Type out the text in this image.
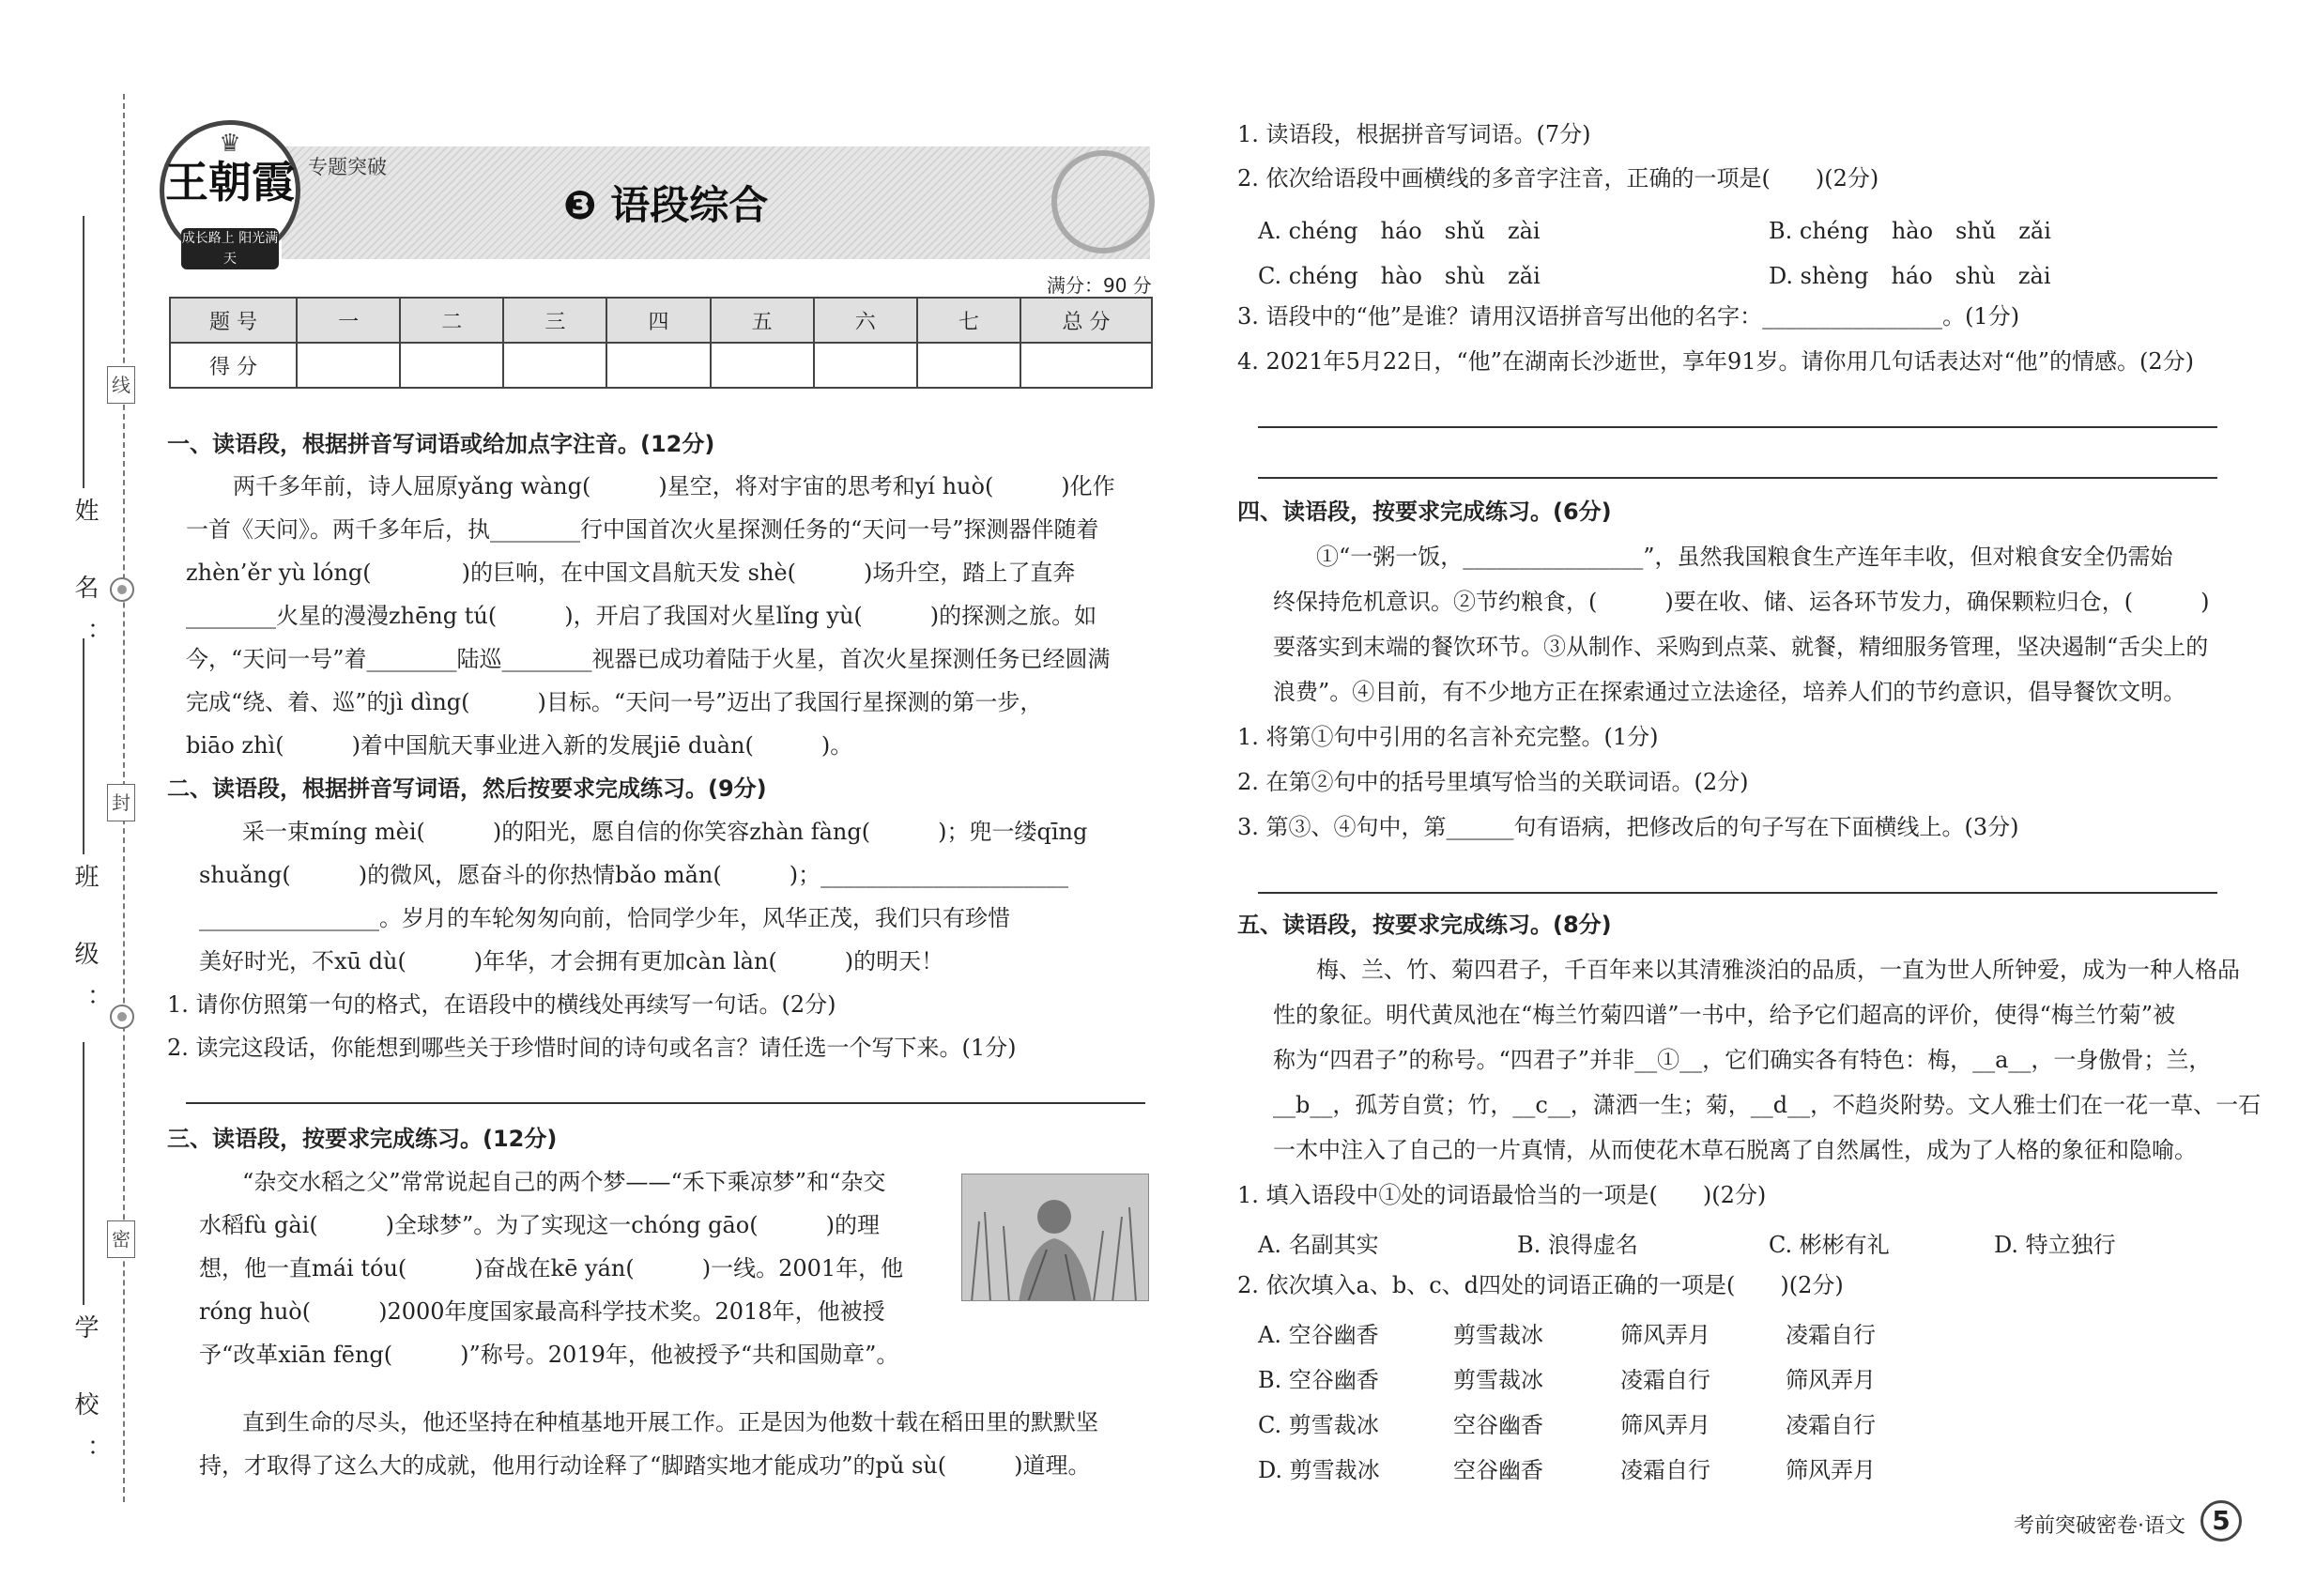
姓 名：
班 级：
学 校：
线
封
密
♛
王朝霞
成长路上 阳光满天
专题突破
❸ 语段综合
满分：90 分
题 号	一	二	三	四	五	六	七	总 分
得 分								
一、读语段，根据拼音写词语或给加点字注音。(12分)
两千多年前，诗人屈原yǎng wàng(　　　)星空，将对宇宙的思考和yí huò(　　　)化作
一首《天问》。两千多年后，执________行中国首次火星探测任务的“天问一号”探测器伴随着
zhèn’ěr yù lóng(　　　　)的巨响，在中国文昌航天发 shè(　　　)场升空，踏上了直奔
________火星的漫漫zhēng tú(　　　)，开启了我国对火星lǐng yù(　　　)的探测之旅。如
今，“天问一号”着________陆巡________视器已成功着陆于火星，首次火星探测任务已经圆满
完成“绕、着、巡”的jì dìng(　　　)目标。“天问一号”迈出了我国行星探测的第一步，
biāo zhì(　　　)着中国航天事业进入新的发展jiē duàn(　　　)。
二、读语段，根据拼音写词语，然后按要求完成练习。(9分)
采一束míng mèi(　　　)的阳光，愿自信的你笑容zhàn fàng(　　　)；兜一缕qīng
shuǎng(　　　)的微风，愿奋斗的你热情bǎo mǎn(　　　)；______________________
________________。岁月的车轮匆匆向前，恰同学少年，风华正茂，我们只有珍惜
美好时光，不xū dù(　　　)年华，才会拥有更加càn làn(　　　)的明天！
1. 请你仿照第一句的格式，在语段中的横线处再续写一句话。(2分)
2. 读完这段话，你能想到哪些关于珍惜时间的诗句或名言？请任选一个写下来。(1分)
三、读语段，按要求完成练习。(12分)
“杂交水稻之父”常常说起自己的两个梦——“禾下乘凉梦”和“杂交
水稻fù gài(　　　)全球梦”。为了实现这一chóng gāo(　　　)的理
想，他一直mái tóu(　　　)奋战在kē yán(　　　)一线。2001年，他
róng huò(　　　)2000年度国家最高科学技术奖。2018年，他被授
予“改革xiān fēng(　　　)”称号。2019年，他被授予“共和国勋章”。
直到生命的尽头，他还坚持在种植基地开展工作。正是因为他数十载在稻田里的默默坚
持，才取得了这么大的成就，他用行动诠释了“脚踏实地才能成功”的pǔ sù(　　　)道理。
1. 读语段，根据拼音写词语。(7分)
2. 依次给语段中画横线的多音字注音，正确的一项是(　　)(2分)
A. chéng　háo　shǔ　zài	B. chéng　hào　shǔ　zǎi
C. chéng　hào　shù　zǎi	D. shèng　háo　shù　zài
3. 语段中的“他”是谁？请用汉语拼音写出他的名字：________________。(1分)
4. 2021年5月22日，“他”在湖南长沙逝世，享年91岁。请你用几句话表达对“他”的情感。(2分)
四、读语段，按要求完成练习。(6分)
①“一粥一饭，________________”，虽然我国粮食生产连年丰收，但对粮食安全仍需始
终保持危机意识。②节约粮食，(　　　)要在收、储、运各环节发力，确保颗粒归仓，(　　　)
要落实到末端的餐饮环节。③从制作、采购到点菜、就餐，精细服务管理，坚决遏制“舌尖上的
浪费”。④目前，有不少地方正在探索通过立法途径，培养人们的节约意识，倡导餐饮文明。
1. 将第①句中引用的名言补充完整。(1分)
2. 在第②句中的括号里填写恰当的关联词语。(2分)
3. 第③、④句中，第______句有语病，把修改后的句子写在下面横线上。(3分)
五、读语段，按要求完成练习。(8分)
梅、兰、竹、菊四君子，千百年来以其清雅淡泊的品质，一直为世人所钟爱，成为一种人格品
性的象征。明代黄凤池在“梅兰竹菊四谱”一书中，给予它们超高的评价，使得“梅兰竹菊”被
称为“四君子”的称号。“四君子”并非__①__，它们确实各有特色：梅，__a__，一身傲骨；兰，
__b__，孤芳自赏；竹，__c__，潇洒一生；菊，__d__，不趋炎附势。文人雅士们在一花一草、一石
一木中注入了自己的一片真情，从而使花木草石脱离了自然属性，成为了人格的象征和隐喻。
1. 填入语段中①处的词语最恰当的一项是(　　)(2分)
A. 名副其实	B. 浪得虚名	C. 彬彬有礼	D. 特立独行
2. 依次填入a、b、c、d四处的词语正确的一项是(　　)(2分)
A. 空谷幽香	剪雪裁冰	筛风弄月	凌霜自行
B. 空谷幽香	剪雪裁冰	凌霜自行	筛风弄月
C. 剪雪裁冰	空谷幽香	筛风弄月	凌霜自行
D. 剪雪裁冰	空谷幽香	凌霜自行	筛风弄月
考前突破密卷·语文	5
